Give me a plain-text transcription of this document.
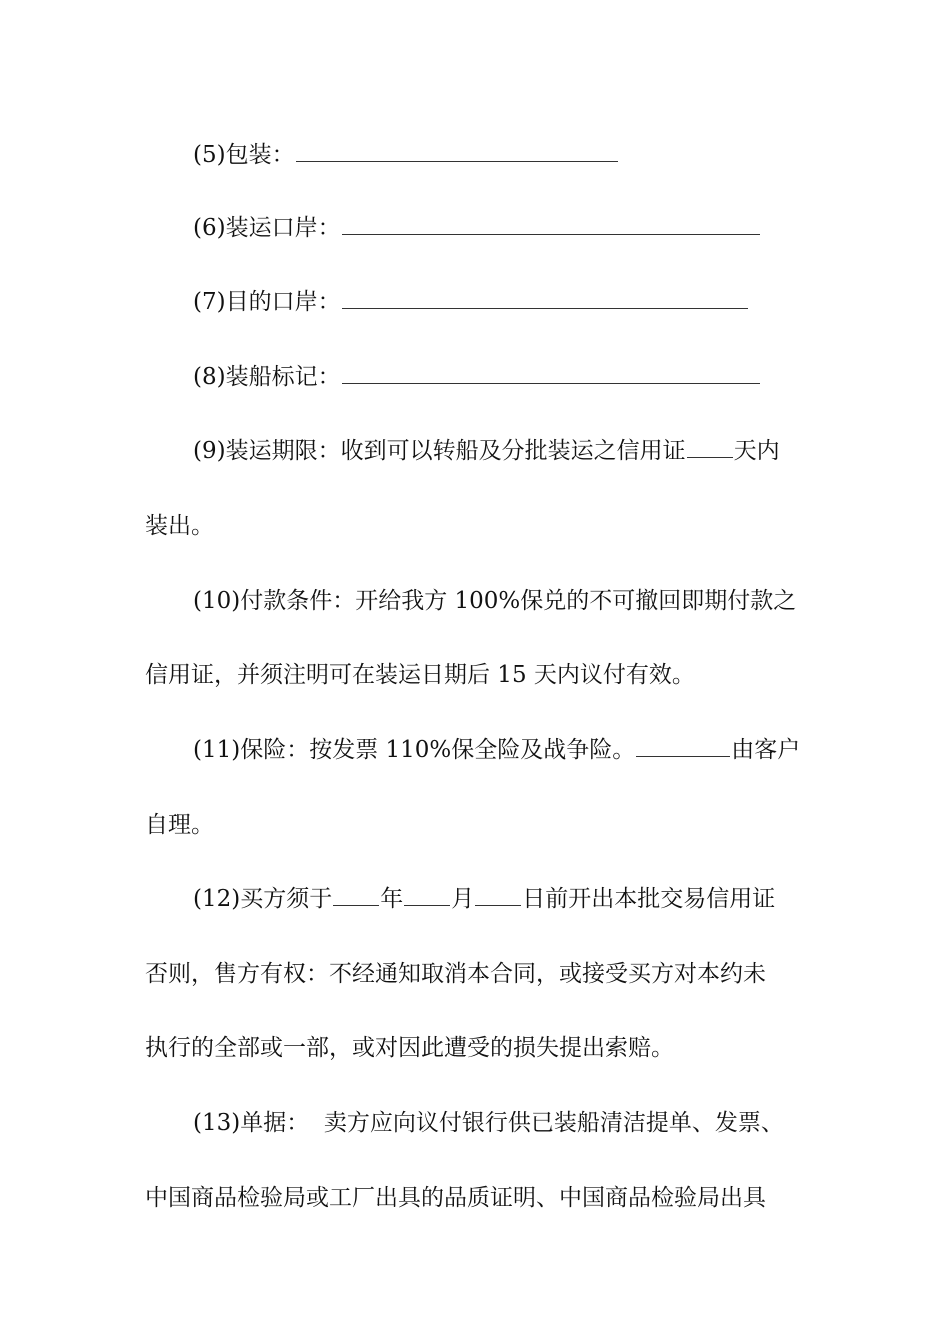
(5)包装：
(6)装运口岸：
(7)目的口岸：
(8)装船标记：
(9)装运期限：收到可以转船及分批装运之信用证 天内
装出。
(10)付款条件：开给我方 100%保兑的不可撤回即期付款之
信用证，并须注明可在装运日期后 15 天内议付有效。
(11)保险：按发票 110%保全险及战争险。	由客户
自理。
(12)买方须于 年 月 日前开出本批交易信用证
否则，售方有权：不经通知取消本合同，或接受买方对本约未
执行的全部或一部，或对因此遭受的损失提出索赔。
(13)单据：  卖方应向议付银行供已装船清洁提单、发票、
中国商品检验局或工厂出具的品质证明、中国商品检验局出具
